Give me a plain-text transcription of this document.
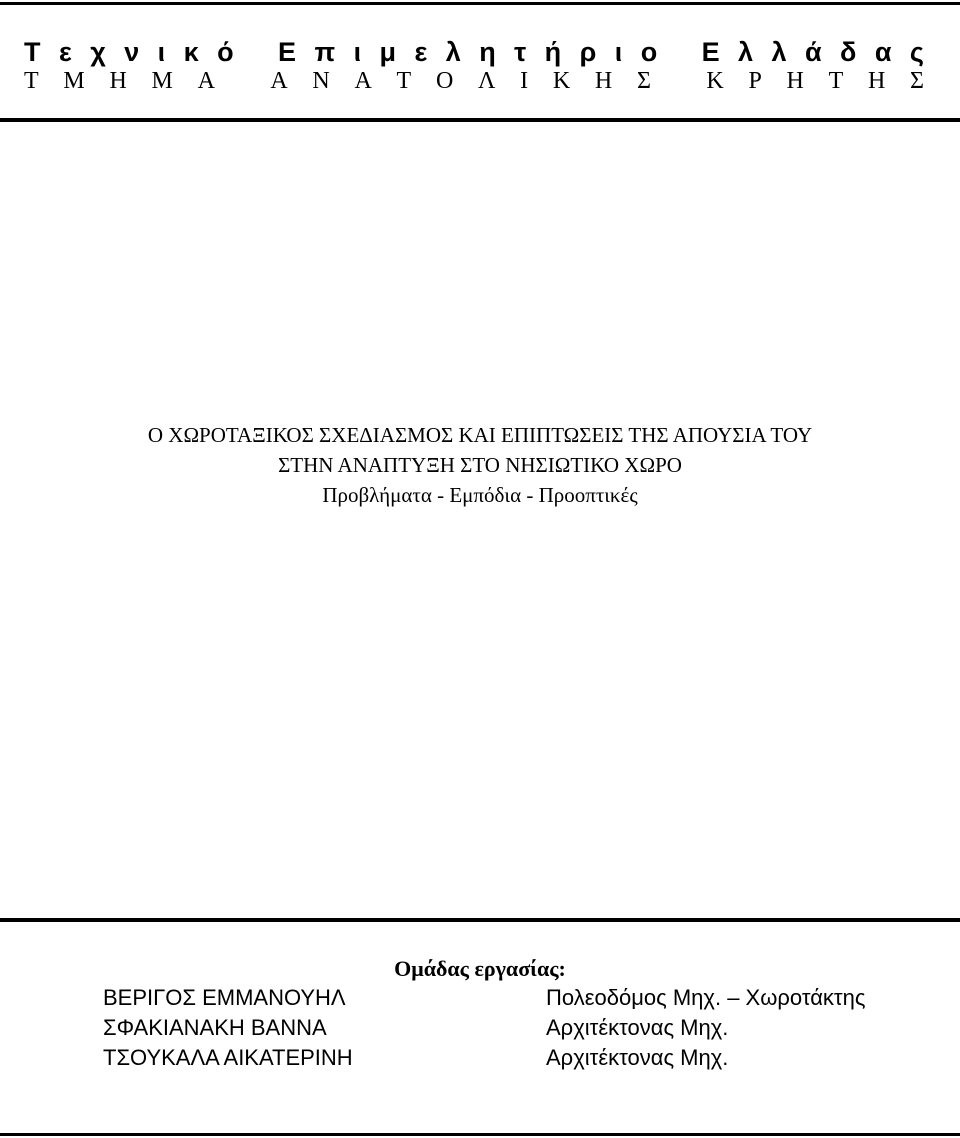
Τ ε χ ν ι κ ό
Ε π ι μ ε λ η τ ή ρ ι ο
Ε λ λ ά δ α ς
Τ Μ Η Μ Α
Α Ν Α Τ Ο Λ Ι Κ Η Σ
Κ Ρ Η Τ Η Σ
Ο ΧΩΡΟΤΑΞΙΚΟΣ ΣΧΕΔΙΑΣΜΟΣ ΚΑΙ ΕΠΙΠΤΩΣΕΙΣ ΤΗΣ ΑΠΟΥΣΙΑ ΤΟΥ
ΣΤΗΝ ΑΝΑΠΤΥΞΗ ΣΤΟ ΝΗΣΙΩΤΙΚΟ ΧΩΡΟ
Προβλήματα - Εμπόδια - Προοπτικές
Ομάδας εργασίας:
ΒΕΡΙΓΟΣ ΕΜΜΑΝΟΥΗΛ	Πολεοδόμος Μηχ. – Χωροτάκτης
ΣΦΑΚΙΑΝΑΚΗ ΒΑΝΝΑ	Αρχιτέκτονας Μηχ.
ΤΣΟΥΚΑΛΑ ΑΙΚΑΤΕΡΙΝΗ	Αρχιτέκτονας Μηχ.
